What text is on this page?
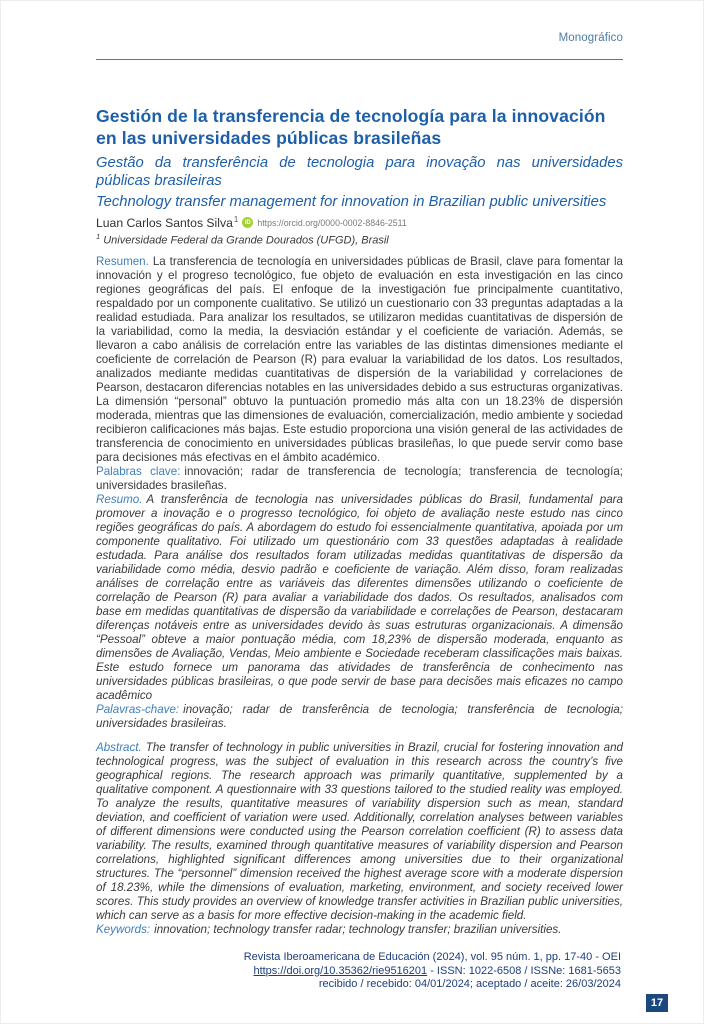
Monográfico
Gestión de la transferencia de tecnología para la innovación en las universidades públicas brasileñas
Gestão da transferência de tecnologia para inovação nas universidades públicas brasileiras
Technology transfer management for innovation in Brazilian public universities
Luan Carlos Santos Silva$^1$	iD https://orcid.org/0000-0002-8846-2511
$^1$ Universidade Federal da Grande Dourados (UFGD), Brasil

Resumen. La transferencia de tecnología en universidades públicas de Brasil, clave para fomentar la innovación y el progreso tecnológico, fue objeto de evaluación en esta investigación en las cinco regiones geográficas del país. El enfoque de la investigación fue principalmente cuantitativo, respaldado por un componente cualitativo. Se utilizó un cuestionario con 33 preguntas adaptadas a la realidad estudiada. Para analizar los resultados, se utilizaron medidas cuantitativas de dispersión de la variabilidad, como la media, la desviación estándar y el coeficiente de variación. Además, se llevaron a cabo análisis de correlación entre las variables de las distintas dimensiones mediante el coeficiente de correlación de Pearson (R) para evaluar la variabilidad de los datos. Los resultados, analizados mediante medidas cuantitativas de dispersión de la variabilidad y correlaciones de Pearson, destacaron diferencias notables en las universidades debido a sus estructuras organizativas. La dimensión “personal” obtuvo la puntuación promedio más alta con un 18.23% de dispersión moderada, mientras que las dimensiones de evaluación, comercialización, medio ambiente y sociedad recibieron calificaciones más bajas. Este estudio proporciona una visión general de las actividades de transferencia de conocimiento en universidades públicas brasileñas, lo que puede servir como base para decisiones más efectivas en el ámbito académico.

Palabras clave: innovación; radar de transferencia de tecnología; transferencia de tecnología; universidades brasileñas.

Resumo. A transferência de tecnologia nas universidades públicas do Brasil, fundamental para promover a inovação e o progresso tecnológico, foi objeto de avaliação neste estudo nas cinco regiões geográficas do país. A abordagem do estudo foi essencialmente quantitativa, apoiada por um componente qualitativo. Foi utilizado um questionário com 33 questões adaptadas à realidade estudada. Para análise dos resultados foram utilizadas medidas quantitativas de dispersão da variabilidade como média, desvio padrão e coeficiente de variação. Além disso, foram realizadas análises de correlação entre as variáveis das diferentes dimensões utilizando o coeficiente de correlação de Pearson (R) para avaliar a variabilidade dos dados. Os resultados, analisados com base em medidas quantitativas de dispersão da variabilidade e correlações de Pearson, destacaram diferenças notáveis entre as universidades devido às suas estruturas organizacionais. A dimensão “Pessoal” obteve a maior pontuação média, com 18,23% de dispersão moderada, enquanto as dimensões de Avaliação, Vendas, Meio ambiente e Sociedade receberam classificações mais baixas. Este estudo fornece um panorama das atividades de transferência de conhecimento nas universidades públicas brasileiras, o que pode servir de base para decisões mais eficazes no campo acadêmico

Palavras-chave: inovação; radar de transferência de tecnologia; transferência de tecnologia; universidades brasileiras.

Abstract. The transfer of technology in public universities in Brazil, crucial for fostering innovation and technological progress, was the subject of evaluation in this research across the country’s five geographical regions. The research approach was primarily quantitative, supplemented by a qualitative component. A questionnaire with 33 questions tailored to the studied reality was employed. To analyze the results, quantitative measures of variability dispersion such as mean, standard deviation, and coefficient of variation were used. Additionally, correlation analyses between variables of different dimensions were conducted using the Pearson correlation coefficient (R) to assess data variability. The results, examined through quantitative measures of variability dispersion and Pearson correlations, highlighted significant differences among universities due to their organizational structures. The “personnel” dimension received the highest average score with a moderate dispersion of 18.23%, while the dimensions of evaluation, marketing, environment, and society received lower scores. This study provides an overview of knowledge transfer activities in Brazilian public universities, which can serve as a basis for more effective decision-making in the academic field.

Keywords: innovation; technology transfer radar; technology transfer; brazilian universities.

Revista Iberoamericana de Educación (2024), vol. 95 núm. 1, pp. 17-40 - OEI
https://doi.org/10.35362/rie9516201 - ISSN: 1022-6508 / ISSNe: 1681-5653
recibido / recebido: 04/01/2024; aceptado / aceite: 26/03/2024
17
